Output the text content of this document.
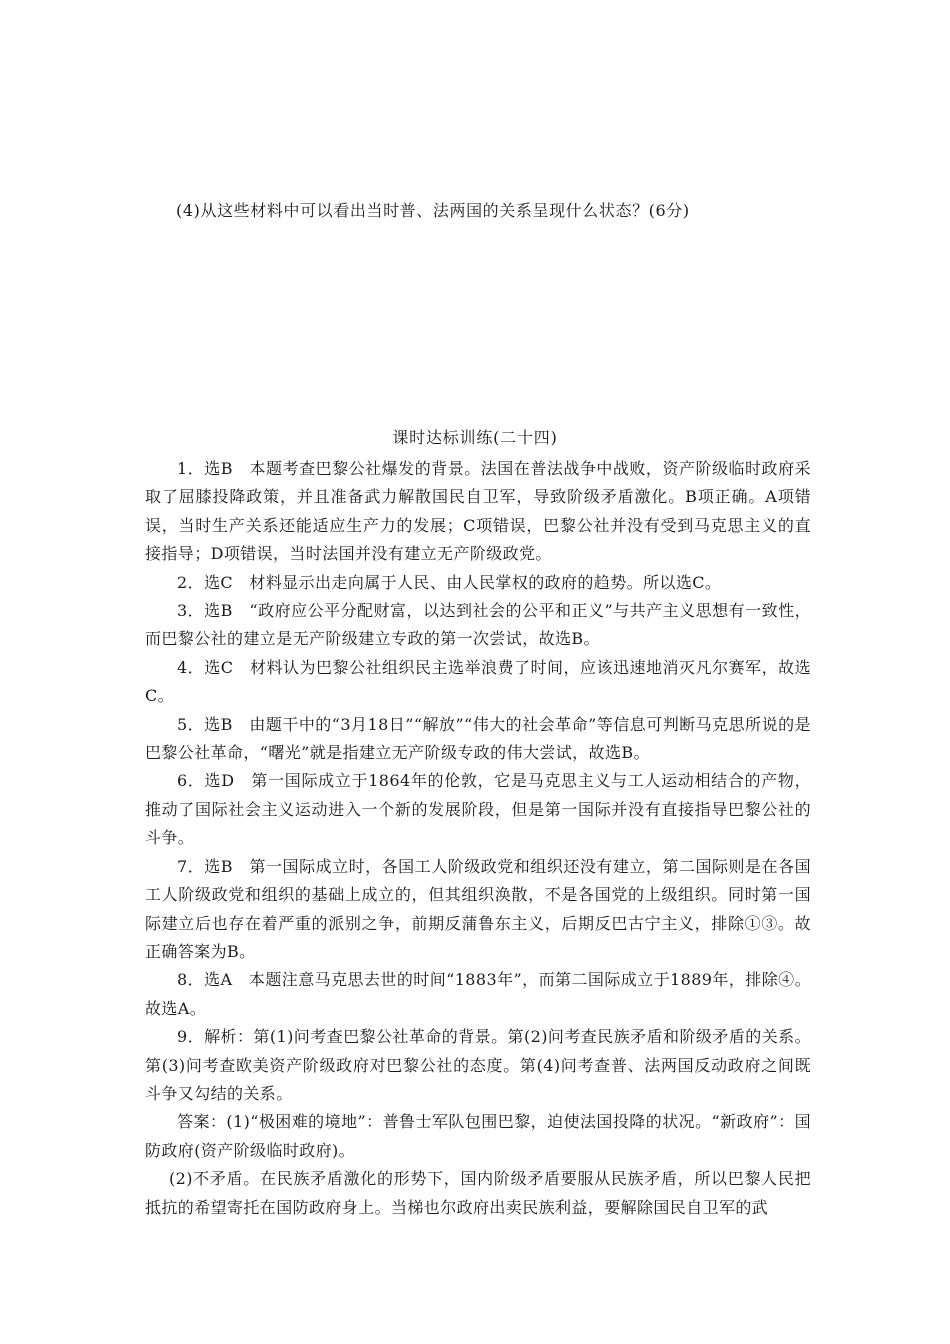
(4)从这些材料中可以看出当时普、法两国的关系呈现什么状态？(6分)
课时达标训练(二十四)

1．选B　本题考查巴黎公社爆发的背景。法国在普法战争中战败，资产阶级临时政府采取了屈膝投降政策，并且准备武力解散国民自卫军，导致阶级矛盾激化。B项正确。A项错误，当时生产关系还能适应生产力的发展；C项错误，巴黎公社并没有受到马克思主义的直接指导；D项错误，当时法国并没有建立无产阶级政党。

2．选C　材料显示出走向属于人民、由人民掌权的政府的趋势。所以选C。

3．选B　“政府应公平分配财富，以达到社会的公平和正义”与共产主义思想有一致性，而巴黎公社的建立是无产阶级建立专政的第一次尝试，故选B。

4．选C　材料认为巴黎公社组织民主选举浪费了时间，应该迅速地消灭凡尔赛军，故选C。

5．选B　由题干中的“3月18日”“解放”“伟大的社会革命”等信息可判断马克思所说的是巴黎公社革命，“曙光”就是指建立无产阶级专政的伟大尝试，故选B。

6．选D　第一国际成立于1864年的伦敦，它是马克思主义与工人运动相结合的产物，推动了国际社会主义运动进入一个新的发展阶段，但是第一国际并没有直接指导巴黎公社的斗争。

7．选B　第一国际成立时，各国工人阶级政党和组织还没有建立，第二国际则是在各国工人阶级政党和组织的基础上成立的，但其组织涣散，不是各国党的上级组织。同时第一国际建立后也存在着严重的派别之争，前期反蒲鲁东主义，后期反巴古宁主义，排除①③。故正确答案为B。

8．选A　本题注意马克思去世的时间“1883年”，而第二国际成立于1889年，排除④。故选A。

9．解析：第(1)问考查巴黎公社革命的背景。第(2)问考查民族矛盾和阶级矛盾的关系。第(3)问考查欧美资产阶级政府对巴黎公社的态度。第(4)问考查普、法两国反动政府之间既斗争又勾结的关系。

答案：(1)“极困难的境地”：普鲁士军队包围巴黎，迫使法国投降的状况。“新政府”：国防政府(资产阶级临时政府)。

(2)不矛盾。在民族矛盾激化的形势下，国内阶级矛盾要服从民族矛盾，所以巴黎人民把抵抗的希望寄托在国防政府身上。当梯也尔政府出卖民族利益，要解除国民自卫军的武
